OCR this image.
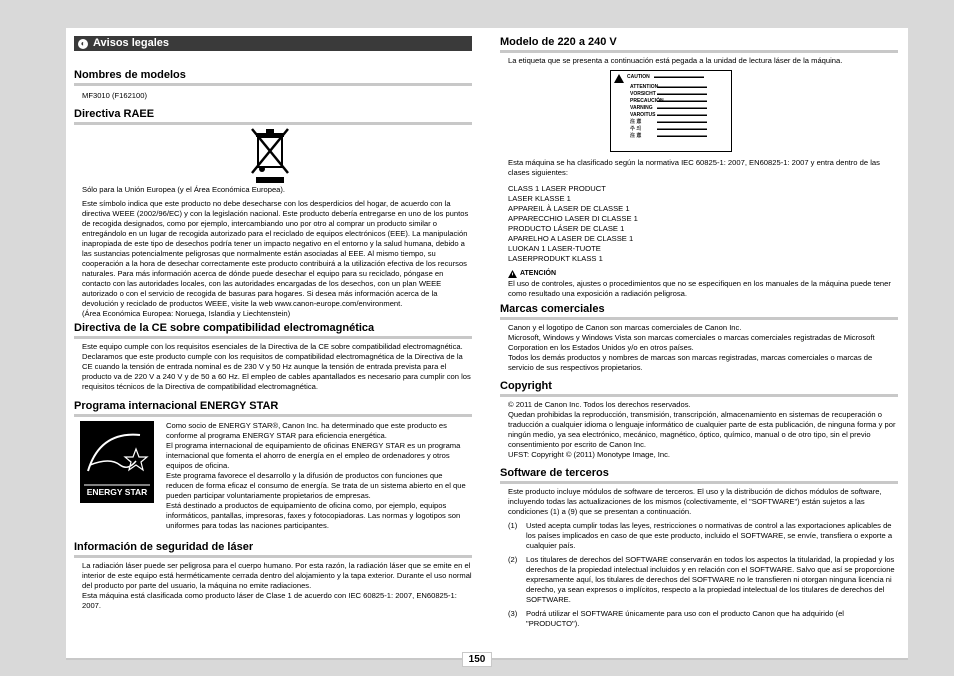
◐ Avisos legales
Nombres de modelos
MF3010 (F162100)
Directiva RAEE

Sólo para la Unión Europea (y el Área Económica Europea).

Este símbolo indica que este producto no debe desecharse con los desperdicios del hogar, de acuerdo con la directiva WEEE (2002/96/EC) y con la legislación nacional. Este producto debería entregarse en uno de los puntos de recogida designados, como por ejemplo, intercambiando uno por otro al comprar un producto similar o entregándolo en un lugar de recogida autorizado para el reciclado de equipos electrónicos (EEE). La manipulación inapropiada de este tipo de desechos podría tener un impacto negativo en el entorno y la salud humana, debido a las sustancias potencialmente peligrosas que normalmente están asociadas al EEE. Al mismo tiempo, su cooperación a la hora de desechar correctamente este producto contribuirá a la utilización efectiva de los recursos naturales. Para más información acerca de dónde puede desechar el equipo para su reciclado, póngase en contacto con las autoridades locales, con las autoridades encargadas de los desechos, con un plan WEEE autorizado o con el servicio de recogida de basuras para hogares. Si desea más información acerca de la devolución y reciclado de productos WEEE, visite la web www.canon-europe.com/environment.

(Área Económica Europea: Noruega, Islandia y Liechtenstein)

Directiva de la CE sobre compatibilidad electromagnética
Este equipo cumple con los requisitos esenciales de la Directiva de la CE sobre compatibilidad electromagnética. Declaramos que este producto cumple con los requisitos de compatibilidad electromagnética de la Directiva de la CE cuando la tensión de entrada nominal es de 230 V y 50 Hz aunque la tensión de entrada prevista para el producto va de 220 V a 240 V y de 50 a 60 Hz. El empleo de cables apantallados es necesario para cumplir con los requisitos técnicos de la Directiva de compatibilidad electromagnética.
Programa internacional ENERGY STAR
ENERGY STAR

Como socio de ENERGY STAR®, Canon Inc. ha determinado que este producto es conforme al programa ENERGY STAR para eficiencia energética.

El programa internacional de equipamiento de oficinas ENERGY STAR es un programa internacional que fomenta el ahorro de energía en el empleo de ordenadores y otros equipos de oficina.

Este programa favorece el desarrollo y la difusión de productos con funciones que reducen de forma eficaz el consumo de energía. Se trata de un sistema abierto en el que pueden participar voluntariamente propietarios de empresas.

Está destinado a productos de equipamiento de oficina como, por ejemplo, equipos informáticos, pantallas, impresoras, faxes y fotocopiadoras. Las normas y logotipos son uniformes para todas las naciones participantes.

Información de seguridad de láser

La radiación láser puede ser peligrosa para el cuerpo humano. Por esta razón, la radiación láser que se emite en el interior de este equipo está herméticamente cerrada dentro del alojamiento y la tapa exterior. Durante el uso normal del producto por parte del usuario, la máquina no emite radiaciones.

Esta máquina está clasificada como producto láser de Clase 1 de acuerdo con IEC 60825-1: 2007, EN60825-1: 2007.

Modelo de 220 a 240 V
La etiqueta que se presenta a continuación está pegada a la unidad de lectura láser de la máquina.
CAUTION ▬▬▬▬▬▬▬▬▬▬
ATTENTION
▬▬▬▬▬▬▬▬▬▬
VORSICHT ▬▬▬▬▬▬▬▬▬▬
PRECAUCIÓN
▬▬▬▬▬▬▬▬▬▬
VARNING ▬▬▬▬▬▬▬▬▬▬
VAROITUS ▬▬▬▬▬▬▬▬▬▬
注 意	▬▬▬▬▬▬▬▬▬▬
주 의	▬▬▬▬▬▬▬▬▬▬
注 意	▬▬▬▬▬▬▬▬▬▬
Esta máquina se ha clasificado según la normativa IEC 60825-1: 2007, EN60825-1: 2007 y entra dentro de las clases siguientes:

CLASS 1 LASER PRODUCT

LASER KLASSE 1

APPAREIL À LASER DE CLASSE 1

APPARECCHIO LASER DI CLASSE 1

PRODUCTO LÁSER DE CLASE 1

APARELHO A LASER DE CLASSE 1

LUOKAN 1 LASER-TUOTE

LASERPRODUKT KLASS 1

ATENCIÓN

El uso de controles, ajustes o procedimientos que no se especifiquen en los manuales de la máquina puede tener como resultado una exposición a radiación peligrosa.

Marcas comerciales

Canon y el logotipo de Canon son marcas comerciales de Canon Inc.

Microsoft, Windows y Windows Vista son marcas comerciales o marcas comerciales registradas de Microsoft Corporation en los Estados Unidos y/o en otros países.

Todos los demás productos y nombres de marcas son marcas registradas, marcas comerciales o marcas de servicio de sus respectivos propietarios.

Copyright

© 2011 de Canon Inc. Todos los derechos reservados.

Quedan prohibidas la reproducción, transmisión, transcripción, almacenamiento en sistemas de recuperación o traducción a cualquier idioma o lenguaje informático de cualquier parte de esta publicación, de ninguna forma y por ningún medio, ya sea electrónico, mecánico, magnético, óptico, químico, manual o de otro tipo, sin el previo consentimiento por escrito de Canon Inc.

UFST: Copyright © (2011) Monotype Image, Inc.

Software de terceros

Este producto incluye módulos de software de terceros. El uso y la distribución de dichos módulos de software, incluyendo todas las actualizaciones de los mismos (colectivamente, el "SOFTWARE") están sujetos a las condiciones (1) a (9) que se presentan a continuación.

(1)	Usted acepta cumplir todas las leyes, restricciones o normativas de control a las exportaciones aplicables de los países implicados en caso de que este producto, incluido el SOFTWARE, se envíe, transfiera o exporte a cualquier país.
(2)	Los titulares de derechos del SOFTWARE conservarán en todos los aspectos la titularidad, la propiedad y los derechos de la propiedad intelectual incluidos y en relación con el SOFTWARE. Salvo que así se proporcione expresamente aquí, los titulares de derechos del SOFTWARE no le transfieren ni otorgan ninguna licencia ni derecho, ya sean expresos o implícitos, respecto a la propiedad intelectual de los titulares de derechos del SOFTWARE.
(3)	Podrá utilizar el SOFTWARE únicamente para uso con el producto Canon que ha adquirido (el "PRODUCTO").
150
